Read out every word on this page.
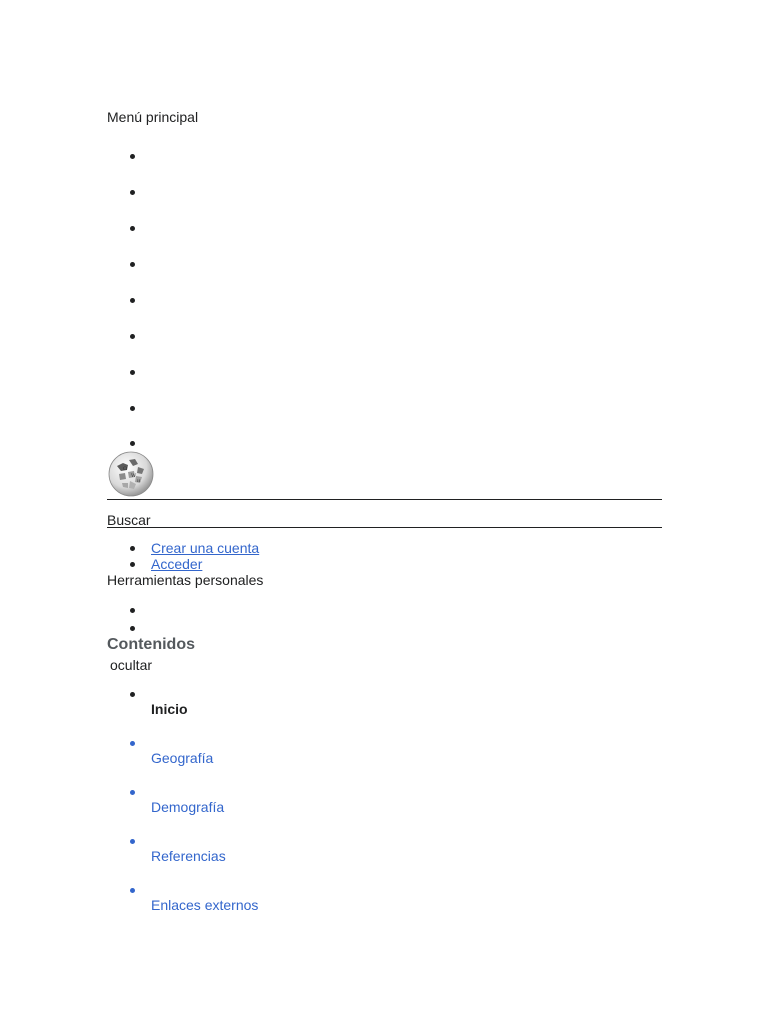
Menú principal
Ω
W
И
Buscar
Crear una cuenta
Acceder
Herramientas personales
Contenidos
ocultar
Inicio
Geografía
Demografía
Referencias
Enlaces externos
